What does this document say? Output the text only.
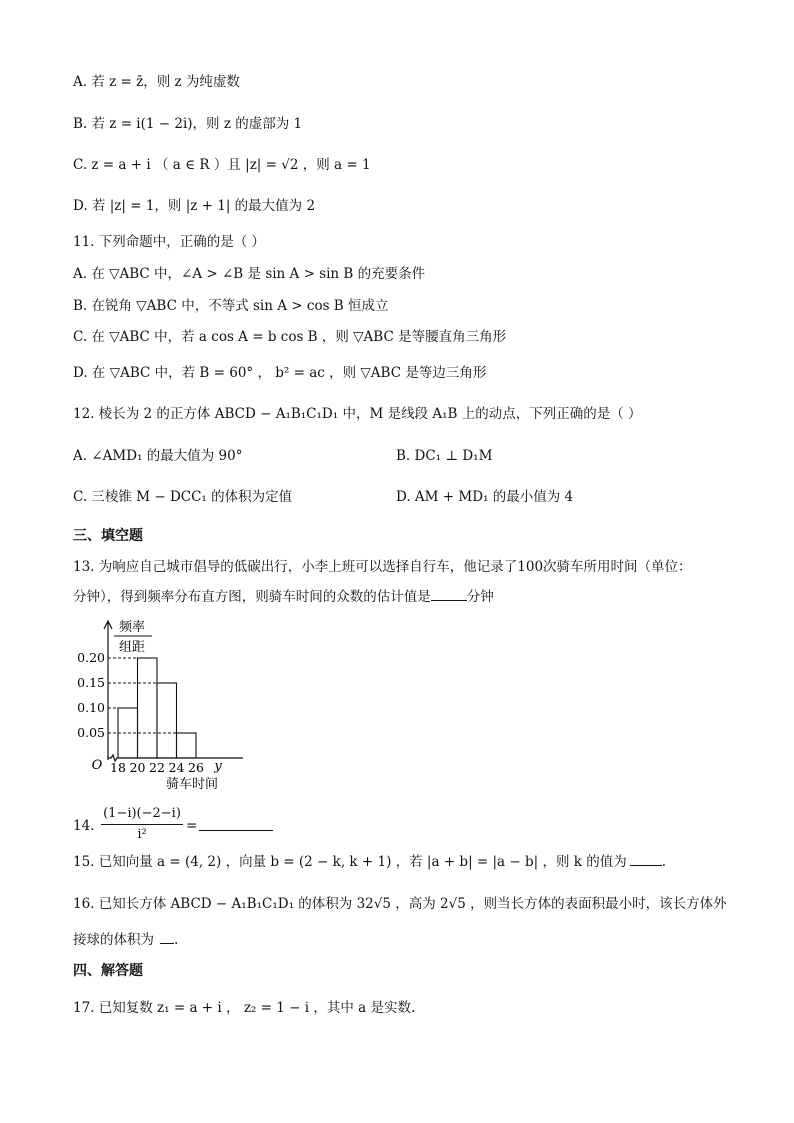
A. 若 z = z̄，则 z 为纯虚数
B. 若 z = i(1 − 2i)，则 z 的虚部为 1
C. z = a + i （ a ∈ R ）且 |z| = √2 ，则 a = 1
D. 若 |z| = 1，则 |z + 1| 的最大值为 2
11. 下列命题中，正确的是（ ）
A. 在 ▽ABC 中，∠A > ∠B 是 sin A > sin B 的充要条件
B. 在锐角 ▽ABC 中，不等式 sin A > cos B 恒成立
C. 在 ▽ABC 中，若 a cos A = b cos B ，则 ▽ABC 是等腰直角三角形
D. 在 ▽ABC 中，若 B = 60° ， b² = ac ，则 ▽ABC 是等边三角形
12. 棱长为 2 的正方体 ABCD − A₁B₁C₁D₁ 中，M 是线段 A₁B 上的动点，下列正确的是（ ）
A. ∠AMD₁ 的最大值为 90°	B. DC₁ ⊥ D₁M
C. 三棱锥 M − DCC₁ 的体积为定值	D. AM + MD₁ 的最小值为 4
三、填空题
13. 为响应自己城市倡导的低碳出行，小李上班可以选择自行车，他记录了100次骑车所用时间（单位：
分钟），得到频率分布直方图，则骑车时间的众数的估计值是	分钟
0.20
0.15
0.10
0.05
18 20 22 24 26
O	y
频率
组距
骑车时间
14. $\frac{(1-i)(-2-i)}{\text{i²}}$ =
15. 已知向量 a = (4, 2) ，向量 b = (2 − k, k + 1) ，若 |a + b| = |a − b| ，则 k 的值为	.
16. 已知长方体 ABCD − A₁B₁C₁D₁ 的体积为 32√5 ，高为 2√5 ，则当长方体的表面积最小时，该长方体外
接球的体积为 .
四、解答题
17. 已知复数 z₁ = a + i ， z₂ = 1 − i ，其中 a 是实数.
